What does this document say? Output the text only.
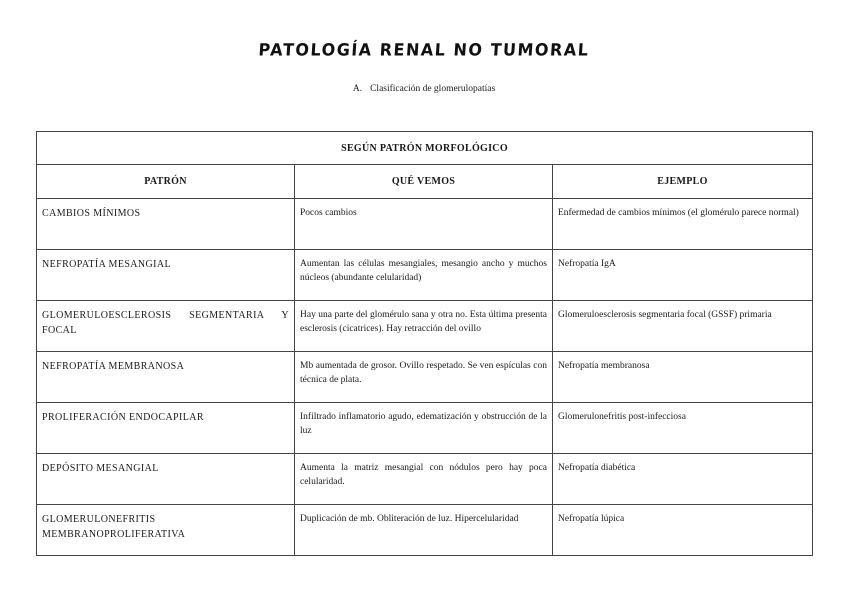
PATOLOGÍA RENAL NO TUMORAL
A. Clasificación de glomerulopatías
SEGÚN PATRÓN MORFOLÓGICO		
PATRÓN	QUÉ VEMOS	EJEMPLO
CAMBIOS MÍNIMOS	Pocos cambios	Enfermedad de cambios mínimos (el glomérulo parece normal)
NEFROPATÍA MESANGIAL	Aumentan las células mesangiales, mesangio ancho y muchos núcleos (abundante celularidad)	Nefropatía IgA
GLOMERULOESCLEROSIS SEGMENTARIA Y FOCAL	Hay una parte del glomérulo sana y otra no. Esta última presenta esclerosis (cicatrices). Hay retracción del ovillo	Glomeruloesclerosis segmentaria focal (GSSF) primaria
NEFROPATÍA MEMBRANOSA	Mb aumentada de grosor. Ovillo respetado. Se ven espículas con técnica de plata.	Nefropatía membranosa
PROLIFERACIÓN ENDOCAPILAR	Infiltrado inflamatorio agudo, edematización y obstrucción de la luz	Glomerulonefritis post-infecciosa
DEPÓSITO MESANGIAL	Aumenta la matriz mesangial con nódulos pero hay poca celularidad.	Nefropatía diabética
GLOMERULONEFRITIS MEMBRANOPROLIFERATIVA	Duplicación de mb. Obliteración de luz. Hipercelularidad	Nefropatía lúpica
